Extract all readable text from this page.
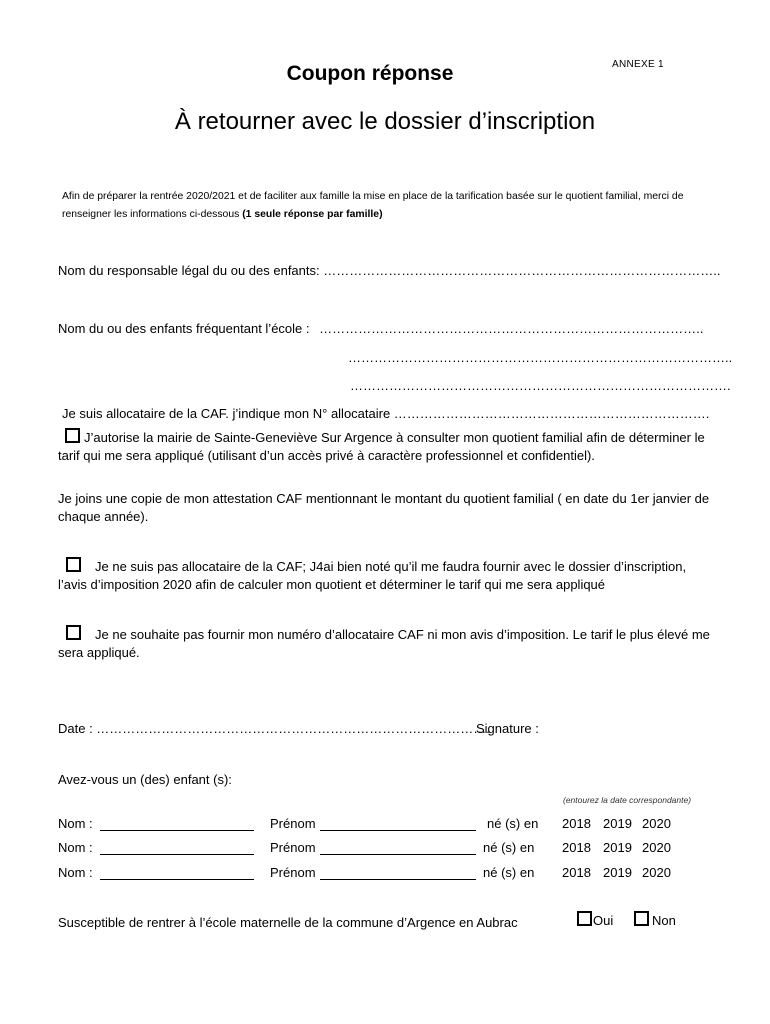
ANNEXE 1
Coupon réponse
À retourner avec le dossier d’inscription
Afin de préparer la rentrée 2020/2021 et de faciliter aux famille la mise en place de la tarification basée sur le quotient familial, merci de renseigner les informations ci-dessous (1 seule réponse par famille)
Nom du responsable légal du ou des enfants: ………………………………………………………………………………..
Nom du ou des enfants fréquentant l’école : ……………………………………………………………………………..
……………………………………………………………………………..
…………………………………………………………………………….
Je suis allocataire de la CAF. j’indique mon N° allocataire ……………………………………………………………….
J’autorise la mairie de Sainte-Geneviève Sur Argence à consulter mon quotient familial afin de déterminer le tarif qui me sera appliqué (utilisant d’un accès privé à caractère professionnel et confidentiel).
Je joins une copie de mon attestation CAF mentionnant le montant du quotient familial ( en date du 1er janvier de chaque année).
Je ne suis pas allocataire de la CAF; J4ai bien noté qu’il me faudra fournir avec le dossier d’inscription, l’avis d’imposition 2020 afin de calculer mon quotient et déterminer le tarif qui me sera appliqué
Je ne souhaite pas fournir mon numéro d’allocataire CAF ni mon avis d’imposition. Le tarif le plus élevé me sera appliqué.
Date : ……………………………………………………………………………….
Signature :
Avez-vous un (des) enfant (s):
(entourez la date correspondante)
Nom :	Prénom	né (s) en 2018 2019 2020
Nom :	Prénom	né (s) en 2018 2019 2020
Nom :	Prénom	né (s) en 2018 2019 2020
Susceptible de rentrer à l’école maternelle de la commune d’Argence en Aubrac	Oui	Non
